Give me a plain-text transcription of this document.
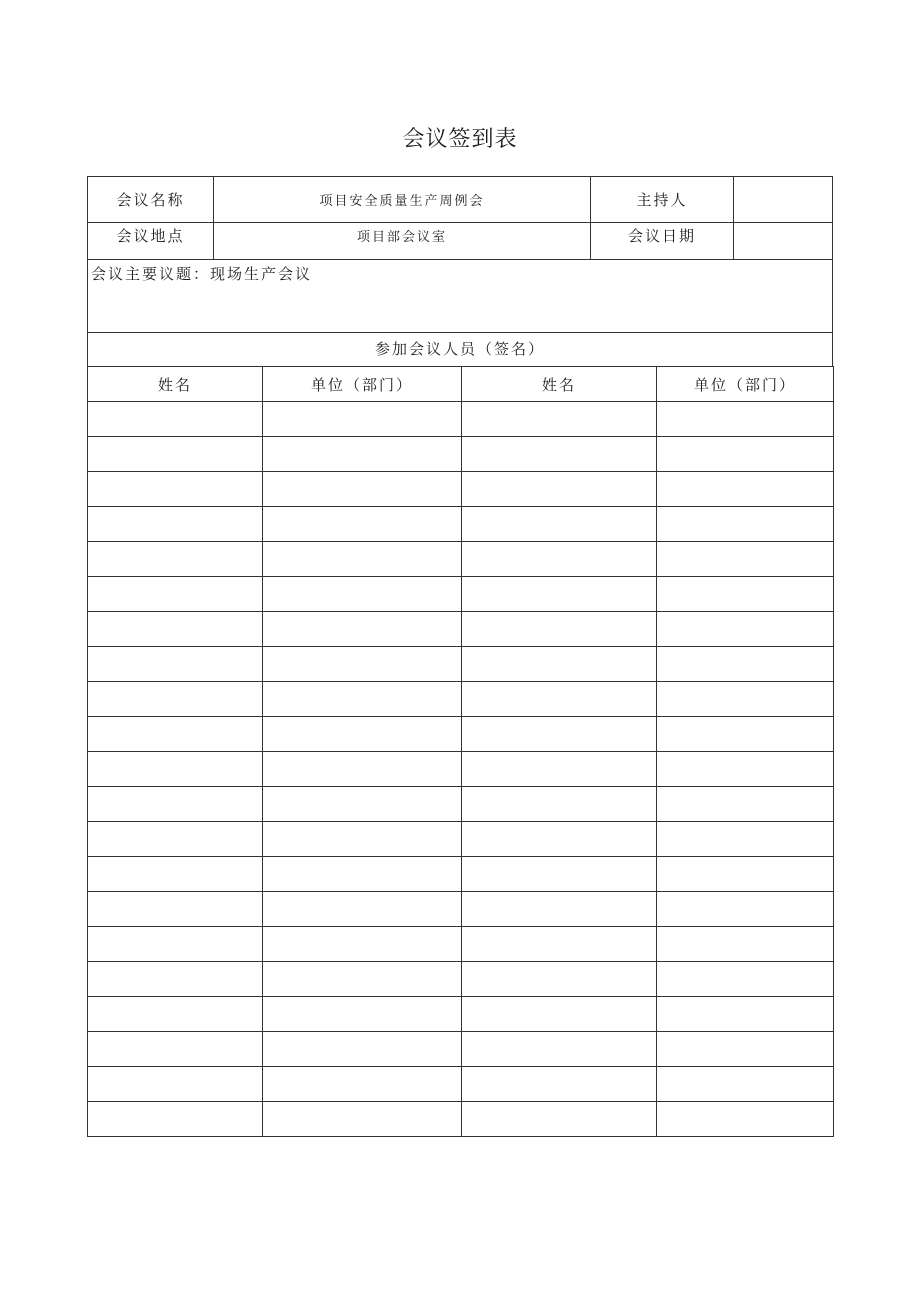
会议签到表
会议名称	项目安全质量生产周例会	主持人
会议地点	项目部会议室	会议日期
会议主要议题：现场生产会议
参加会议人员（签名）
姓名	单位（部门）	姓名	单位（部门）
